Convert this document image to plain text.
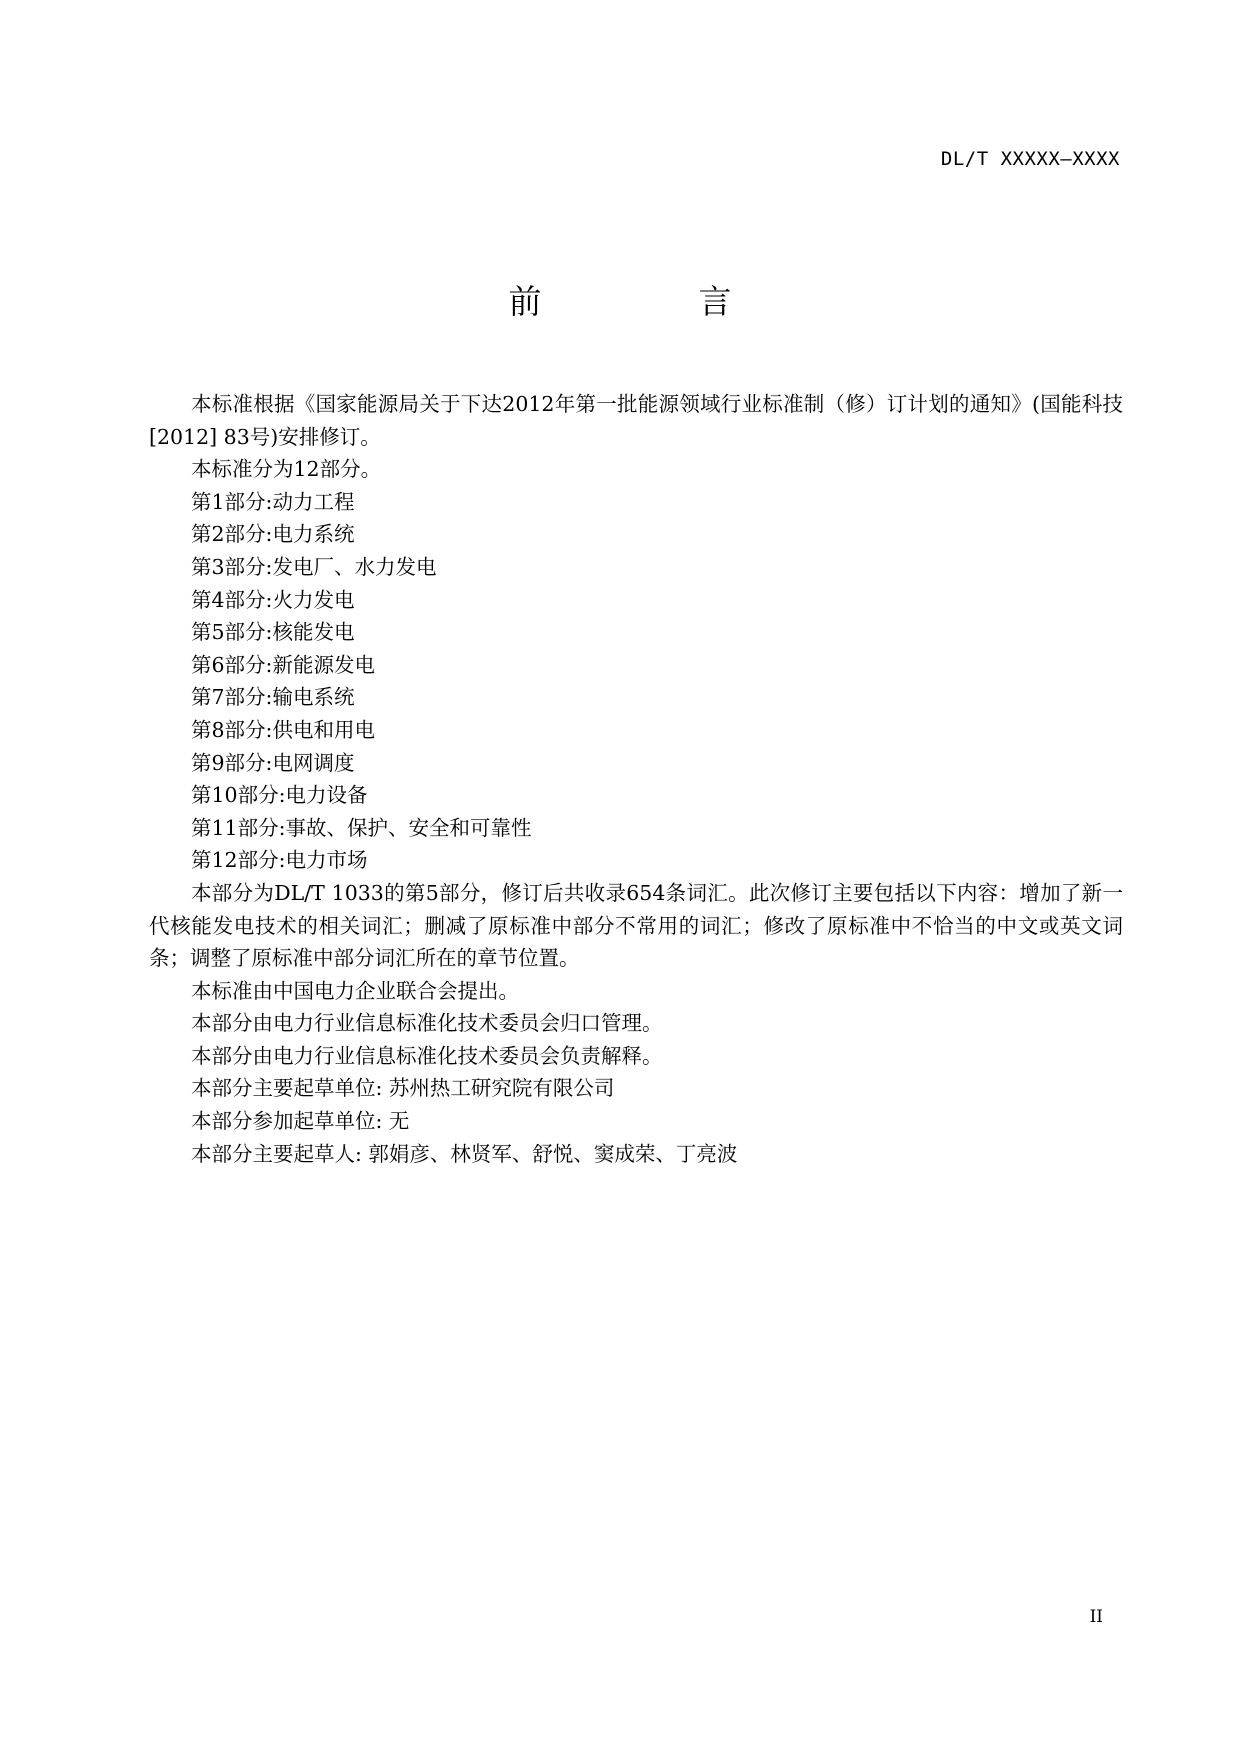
DL/T XXXXX—XXXX
前　言

本标准根据《国家能源局关于下达2012年第一批能源领域行业标准制（修）订计划的通知》(国能科技[2012] 83号)安排修订。

本标准分为12部分。

第1部分:动力工程

第2部分:电力系统

第3部分:发电厂、水力发电

第4部分:火力发电

第5部分:核能发电

第6部分:新能源发电

第7部分:输电系统

第8部分:供电和用电

第9部分:电网调度

第10部分:电力设备

第11部分:事故、保护、安全和可靠性

第12部分:电力市场

本部分为DL/T 1033的第5部分，修订后共收录654条词汇。此次修订主要包括以下内容：增加了新一代核能发电技术的相关词汇；删减了原标准中部分不常用的词汇；修改了原标准中不恰当的中文或英文词条；调整了原标准中部分词汇所在的章节位置。

本标准由中国电力企业联合会提出。

本部分由电力行业信息标准化技术委员会归口管理。

本部分由电力行业信息标准化技术委员会负责解释。

本部分主要起草单位: 苏州热工研究院有限公司

本部分参加起草单位: 无

本部分主要起草人: 郭娟彦、林贤军、舒悦、窦成荣、丁亮波

II
